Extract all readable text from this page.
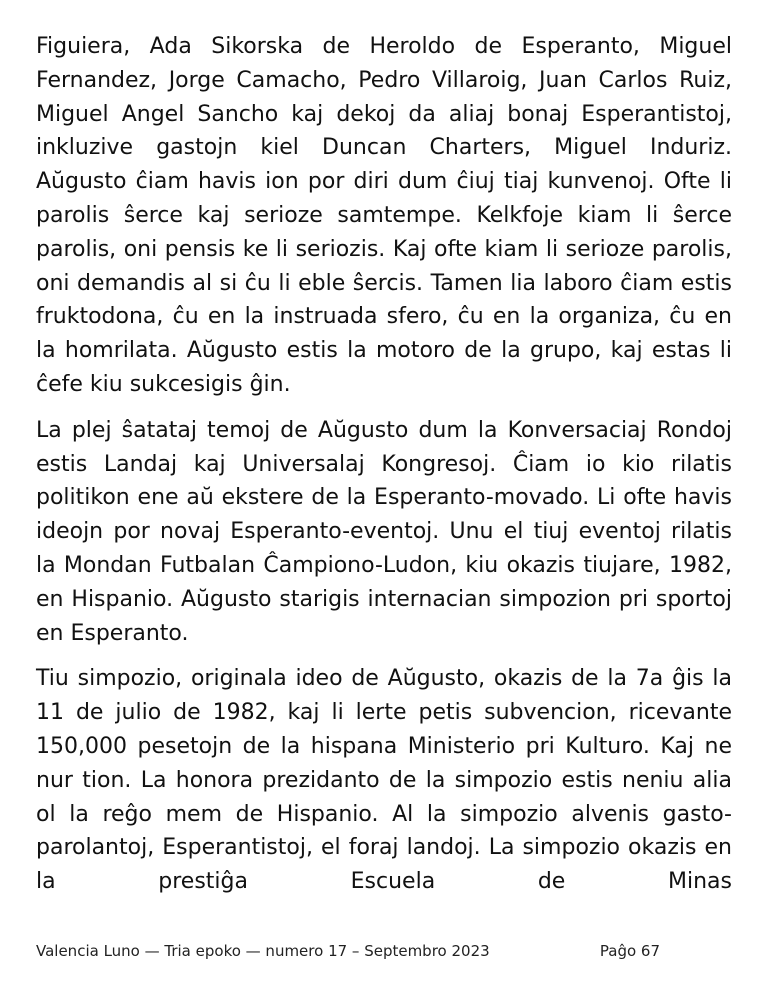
Figuiera, Ada Sikorska de Heroldo de Esperanto, Miguel Fernandez, Jorge Camacho, Pedro Villaroig, Juan Carlos Ruiz, Miguel Angel Sancho kaj dekoj da aliaj bonaj Esperantistoj, inkluzive gastojn kiel Duncan Charters, Miguel Induriz. Aŭgusto ĉiam havis ion por diri dum ĉiuj tiaj kunvenoj. Ofte li parolis ŝerce kaj serioze samtempe. Kelkfoje kiam li ŝerce parolis, oni pensis ke li seriozis. Kaj ofte kiam li serioze parolis, oni demandis al si ĉu li eble ŝercis. Tamen lia laboro ĉiam estis fruktodona, ĉu en la instruada sfero, ĉu en la organiza, ĉu en la homrilata. Aŭgusto estis la motoro de la grupo, kaj estas li ĉefe kiu sukcesigis ĝin.

La plej ŝatataj temoj de Aŭgusto dum la Konversaciaj Rondoj estis Landaj kaj Universalaj Kongresoj. Ĉiam io kio rilatis politikon ene aŭ ekstere de la Esperanto-movado. Li ofte havis ideojn por novaj Esperanto-eventoj. Unu el tiuj eventoj rilatis la Mondan Futbalan Ĉampiono-Ludon, kiu okazis tiujare, 1982, en Hispanio. Aŭgusto starigis internacian simpozion pri sportoj en Esperanto.

Tiu simpozio, originala ideo de Aŭgusto, okazis de la 7a ĝis la 11 de julio de 1982, kaj li lerte petis subvencion, ricevante 150,000 pesetojn de la hispana Ministerio pri Kulturo. Kaj ne nur tion. La honora prezidanto de la simpozio estis neniu alia ol la reĝo mem de Hispanio. Al la simpozio alvenis gasto-parolantoj, Esperantistoj, el foraj landoj. La simpozio okazis en la prestiĝa Escuela de Minas

Valencia Luno — Tria epoko — numero 17 – Septembro 2023	Paĝo 67
